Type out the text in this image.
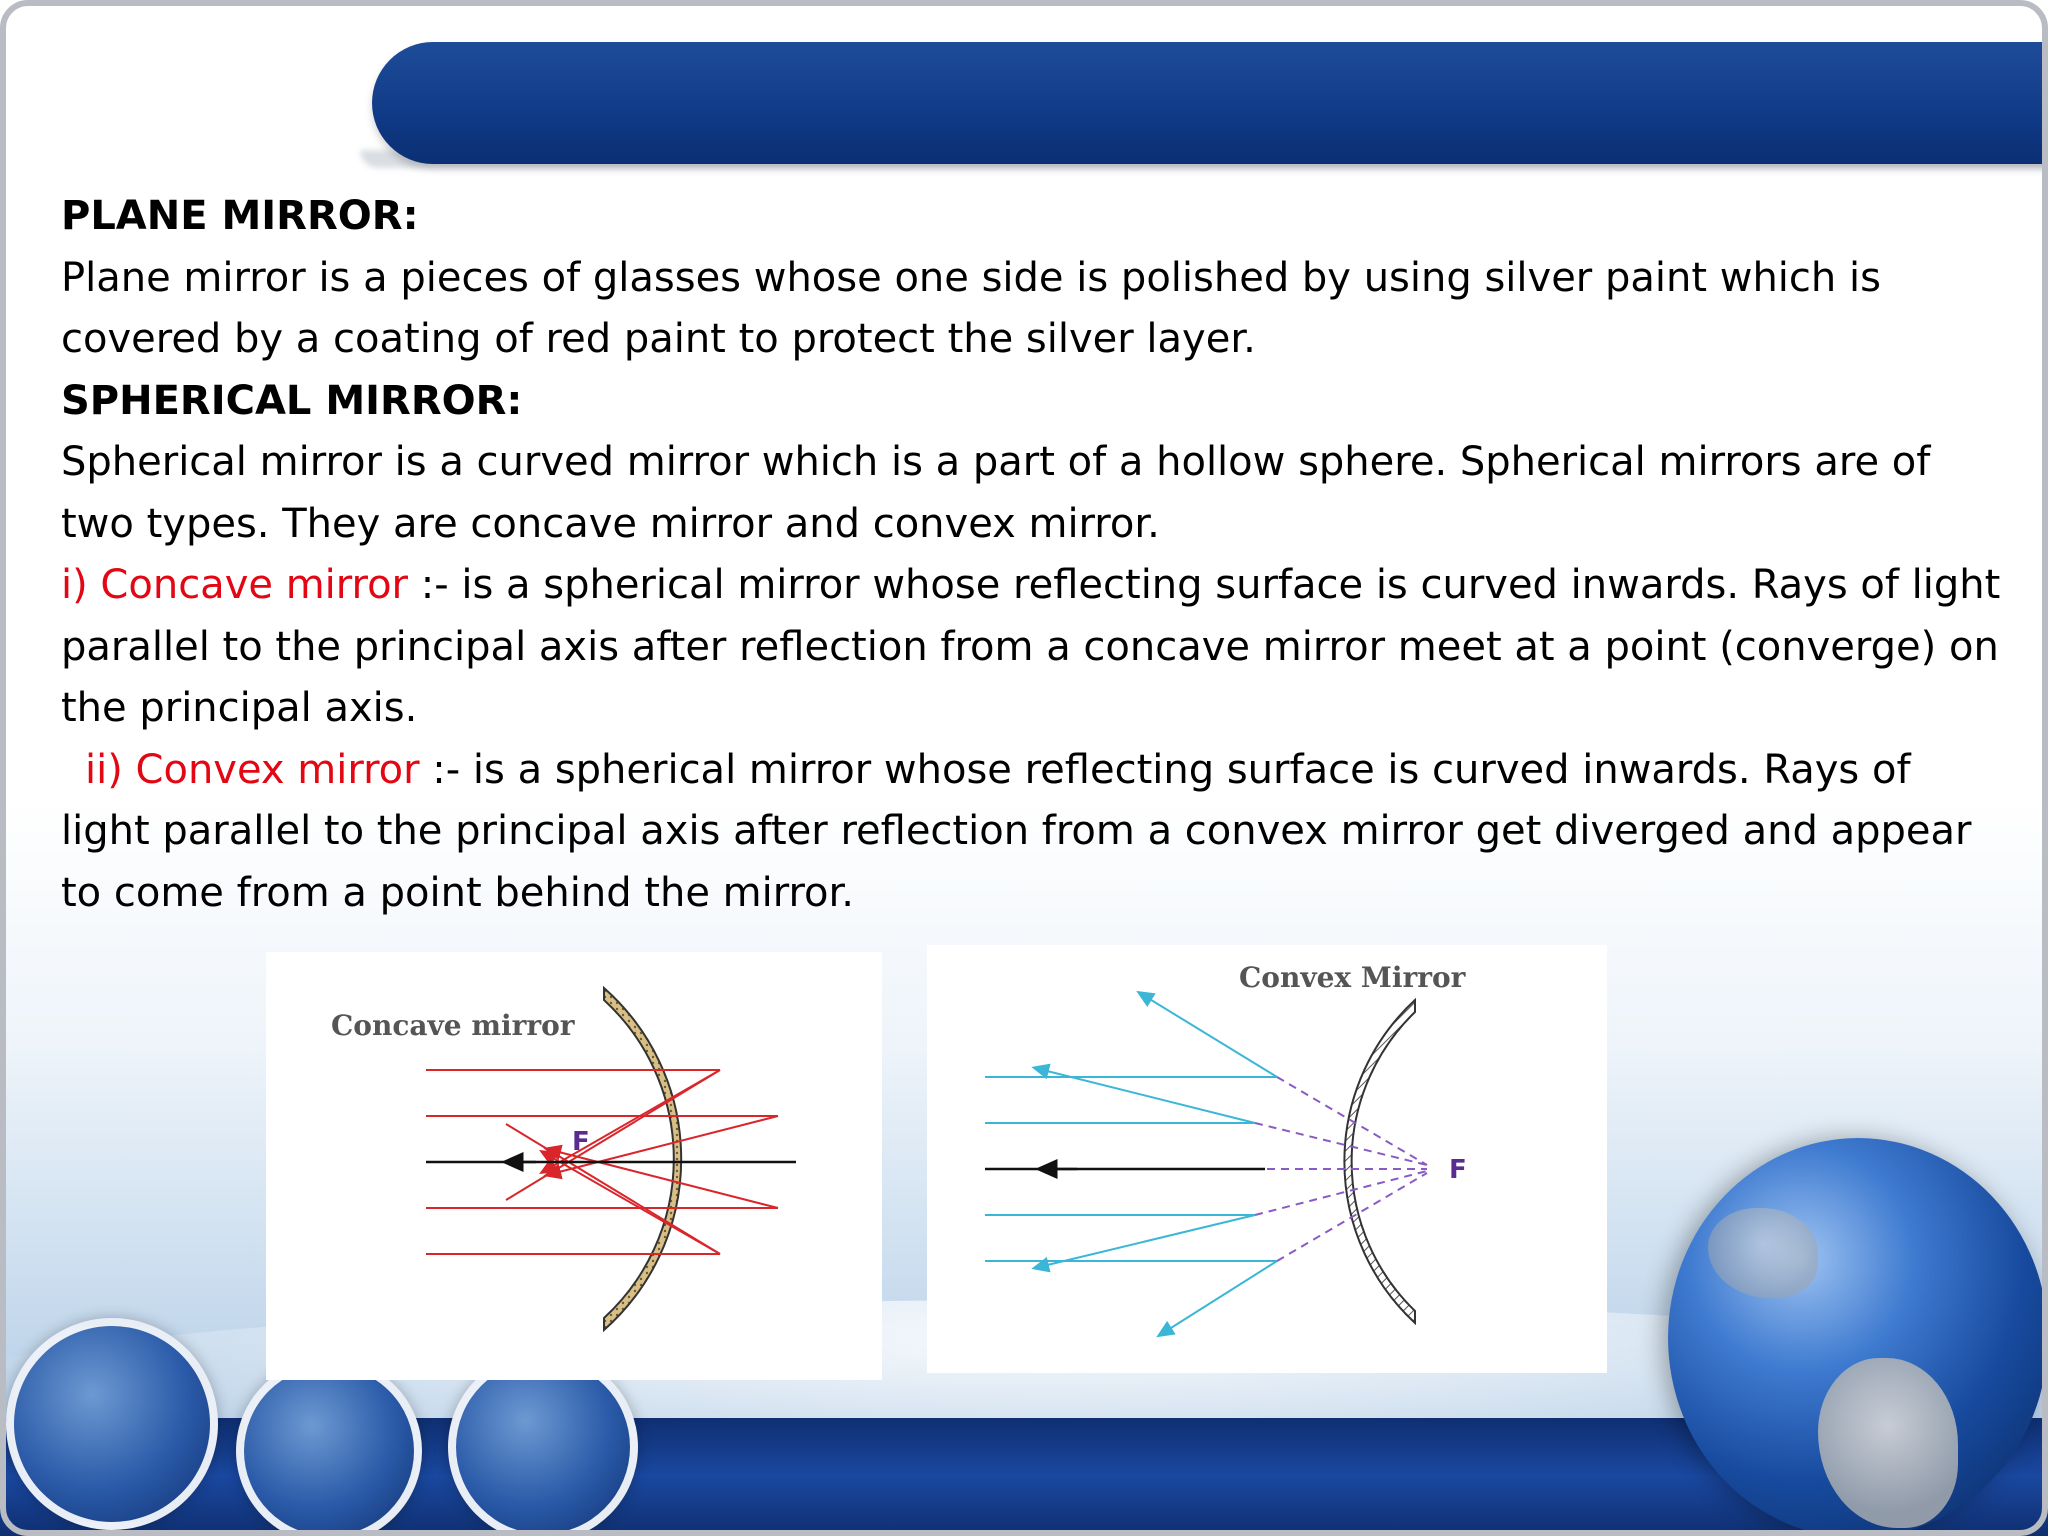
PLANE MIRROR:

Plane mirror is a pieces of glasses whose one side is polished by using silver paint which is covered by a coating of red paint to protect the silver layer.

SPHERICAL MIRROR:

Spherical mirror is a curved mirror which is a part of a hollow sphere. Spherical mirrors are of two types. They are concave mirror and convex mirror.

i) Concave mirror :- is a spherical mirror whose reflecting surface is curved inwards. Rays of light parallel to the principal axis after reflection from a concave mirror meet at a point (converge) on the principal axis.

ii) Convex mirror :- is a spherical mirror whose reflecting surface is curved inwards. Rays of light parallel to the principal axis after reflection from a convex mirror get diverged and appear to come from a point behind the mirror.

Concave mirror
F
Convex Mirror
F
